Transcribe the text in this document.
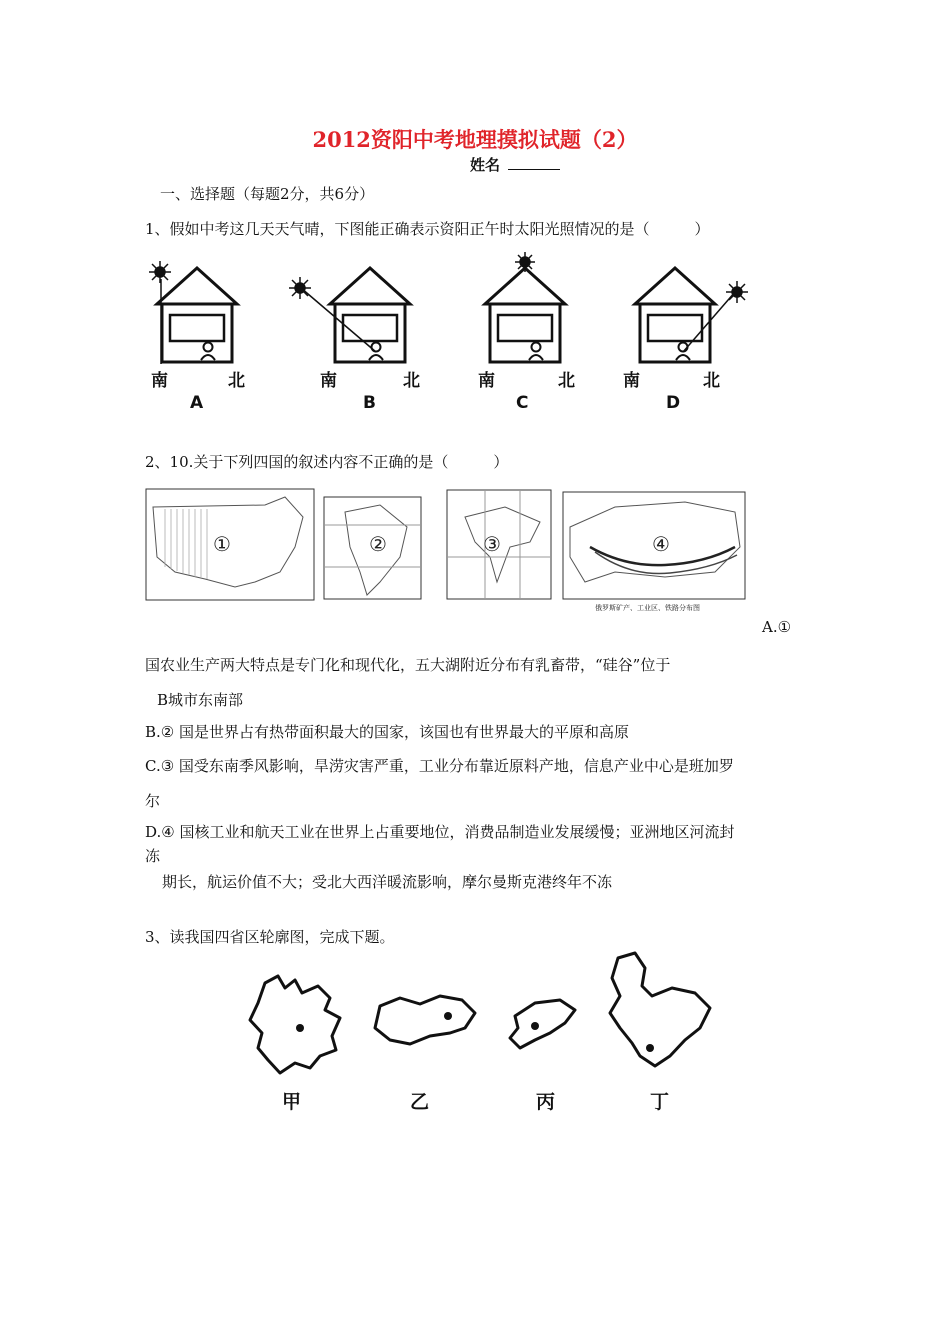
2012资阳中考地理摸拟试题（2）
姓名
一、选择题（每题2分，共6分）
1、假如中考这几天天气晴，下图能正确表示资阳正午时太阳光照情况的是（　　　）
南	北
A
南	北
B
南	北
C
南	北
D
2、10.关于下列四国的叙述内容不正确的是（　　　）
①	②	③	④
俄罗斯矿产、工业区、铁路分布图
A.①
国农业生产两大特点是专门化和现代化，五大湖附近分布有乳畜带，“硅谷”位于
B城市东南部
B.② 国是世界占有热带面积最大的国家，该国也有世界最大的平原和高原
C.③ 国受东南季风影响，旱涝灾害严重，工业分布靠近原料产地，信息产业中心是班加罗
尔
D.④ 国核工业和航天工业在世界上占重要地位，消费品制造业发展缓慢；亚洲地区河流封
冻
期长，航运价值不大；受北大西洋暖流影响，摩尔曼斯克港终年不冻
3、读我国四省区轮廓图，完成下题。
甲	乙	丙	丁
